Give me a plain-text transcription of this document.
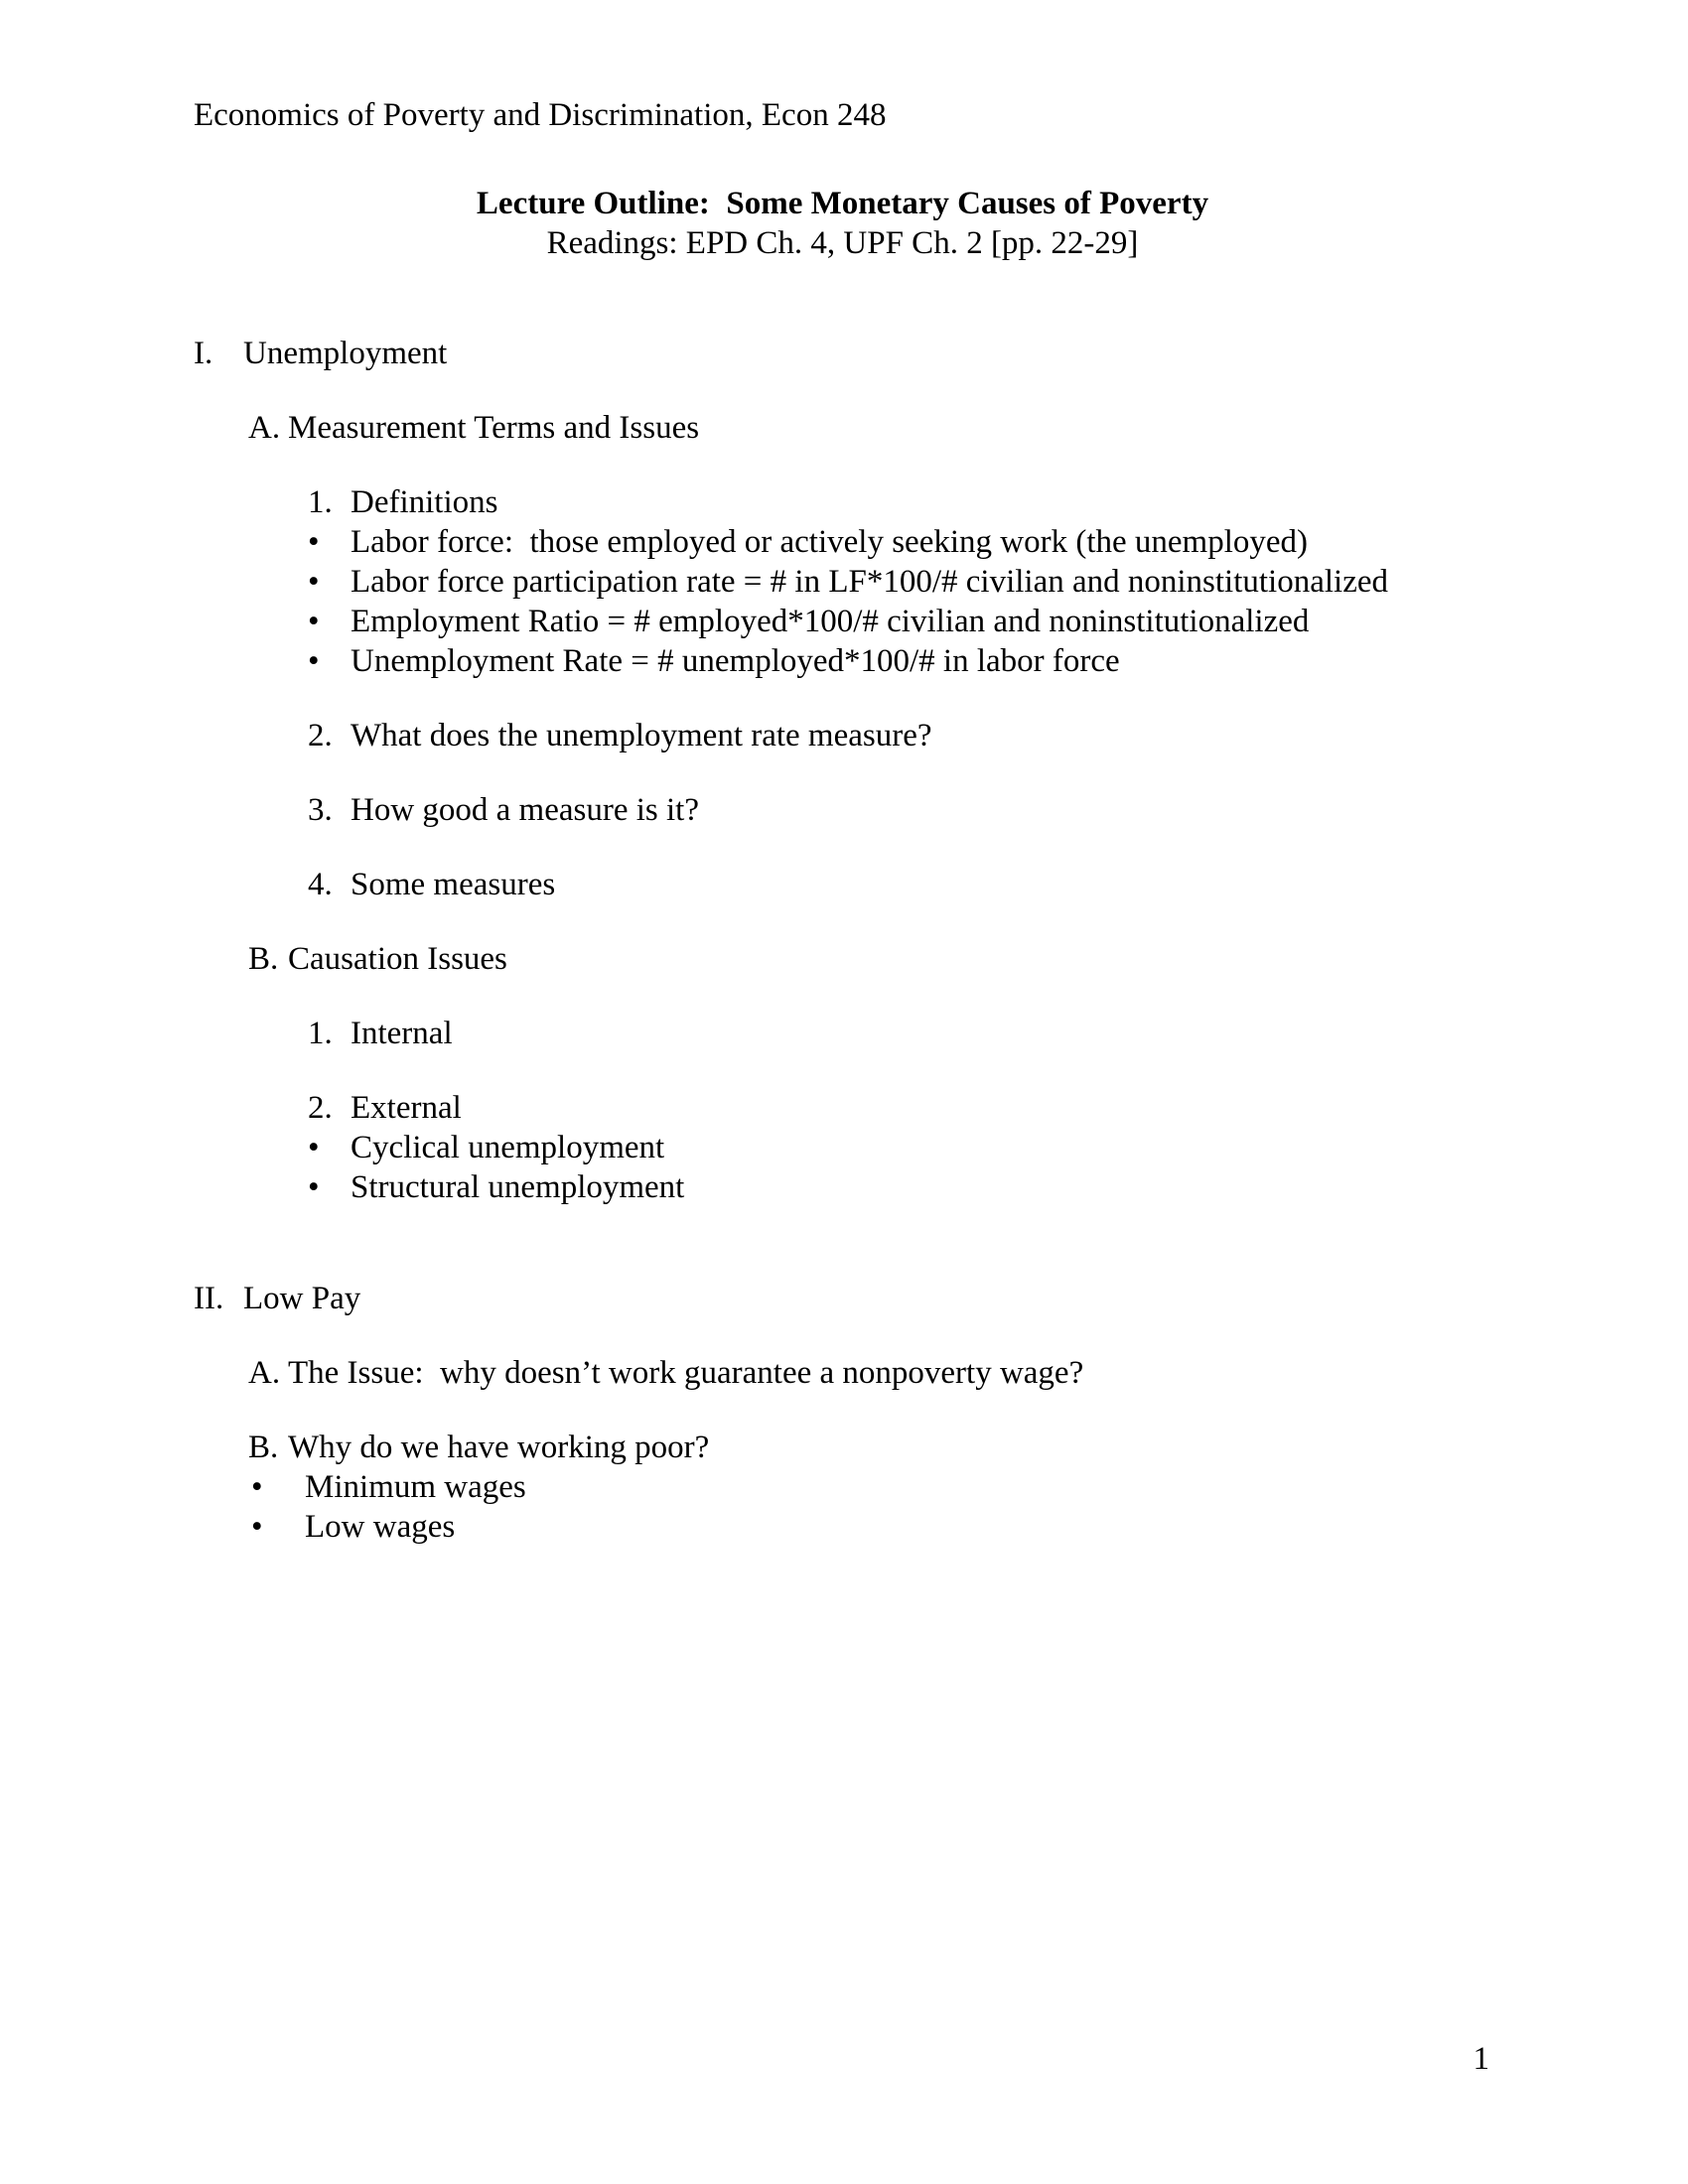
Economics of Poverty and Discrimination, Econ 248
Lecture Outline:  Some Monetary Causes of Poverty
Readings: EPD Ch. 4, UPF Ch. 2 [pp. 22-29]
I. Unemployment
A. Measurement Terms and Issues
1. Definitions
• Labor force:  those employed or actively seeking work (the unemployed)
• Labor force participation rate = # in LF*100/# civilian and noninstitutionalized
• Employment Ratio = # employed*100/# civilian and noninstitutionalized
• Unemployment Rate = # unemployed*100/# in labor force
2. What does the unemployment rate measure?
3. How good a measure is it?
4. Some measures
B. Causation Issues
1. Internal
2. External
• Cyclical unemployment
• Structural unemployment
II. Low Pay
A. The Issue:  why doesn’t work guarantee a nonpoverty wage?
B. Why do we have working poor?
• Minimum wages
• Low wages
1
